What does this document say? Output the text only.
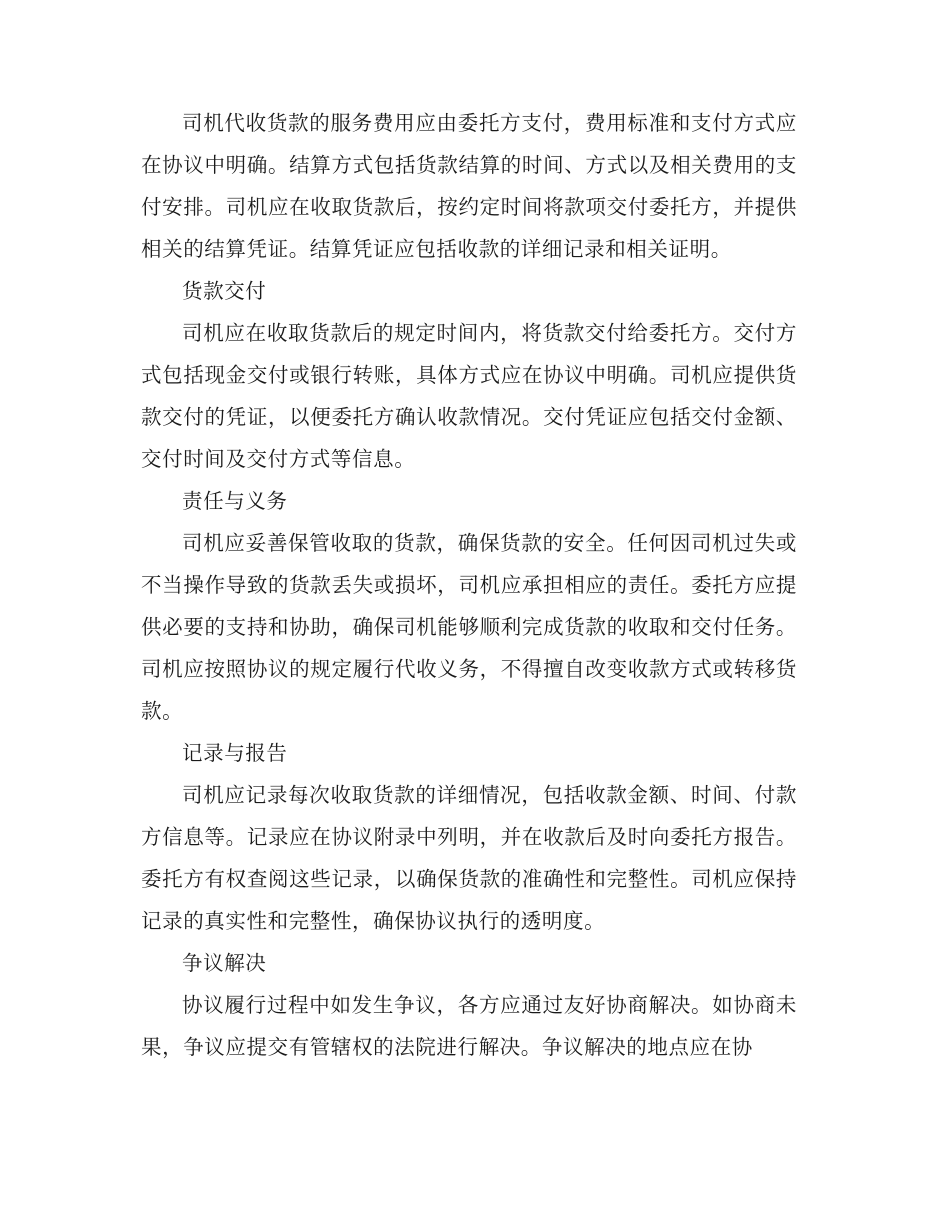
司机代收货款的服务费用应由委托方支付，费用标准和支付方式应在协议中明确。结算方式包括货款结算的时间、方式以及相关费用的支付安排。司机应在收取货款后，按约定时间将款项交付委托方，并提供相关的结算凭证。结算凭证应包括收款的详细记录和相关证明。

货款交付

司机应在收取货款后的规定时间内，将货款交付给委托方。交付方式包括现金交付或银行转账，具体方式应在协议中明确。司机应提供货款交付的凭证，以便委托方确认收款情况。交付凭证应包括交付金额、交付时间及交付方式等信息。

责任与义务

司机应妥善保管收取的货款，确保货款的安全。任何因司机过失或不当操作导致的货款丢失或损坏，司机应承担相应的责任。委托方应提供必要的支持和协助，确保司机能够顺利完成货款的收取和交付任务。司机应按照协议的规定履行代收义务，不得擅自改变收款方式或转移货款。

记录与报告

司机应记录每次收取货款的详细情况，包括收款金额、时间、付款方信息等。记录应在协议附录中列明，并在收款后及时向委托方报告。委托方有权查阅这些记录，以确保货款的准确性和完整性。司机应保持记录的真实性和完整性，确保协议执行的透明度。

争议解决

协议履行过程中如发生争议，各方应通过友好协商解决。如协商未果，争议应提交有管辖权的法院进行解决。争议解决的地点应在协
